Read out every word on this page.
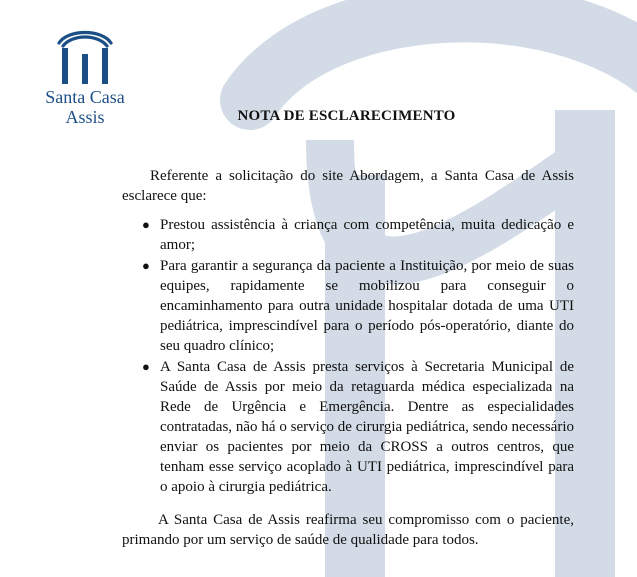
Santa Casa
Assis	NOTA DE ESCLARECIMENTO

Referente a solicitação do site Abordagem, a Santa Casa de Assis esclarece que:

● Prestou assistência à criança com competência, muita dedicação e amor;
● Para garantir a segurança da paciente a Instituição, por meio de suas equipes, rapidamente se mobilizou para conseguir o encaminhamento para outra unidade hospitalar dotada de uma UTI pediátrica, imprescindível para o período pós-operatório, diante do seu quadro clínico;
● A Santa Casa de Assis presta serviços à Secretaria Municipal de Saúde de Assis por meio da retaguarda médica especializada na Rede de Urgência e Emergência. Dentre as especialidades contratadas, não há o serviço de cirurgia pediátrica, sendo necessário enviar os pacientes por meio da CROSS a outros centros, que tenham esse serviço acoplado à UTI pediátrica, imprescindível para o apoio à cirurgia pediátrica.

A Santa Casa de Assis reafirma seu compromisso com o paciente, primando por um serviço de saúde de qualidade para todos.
